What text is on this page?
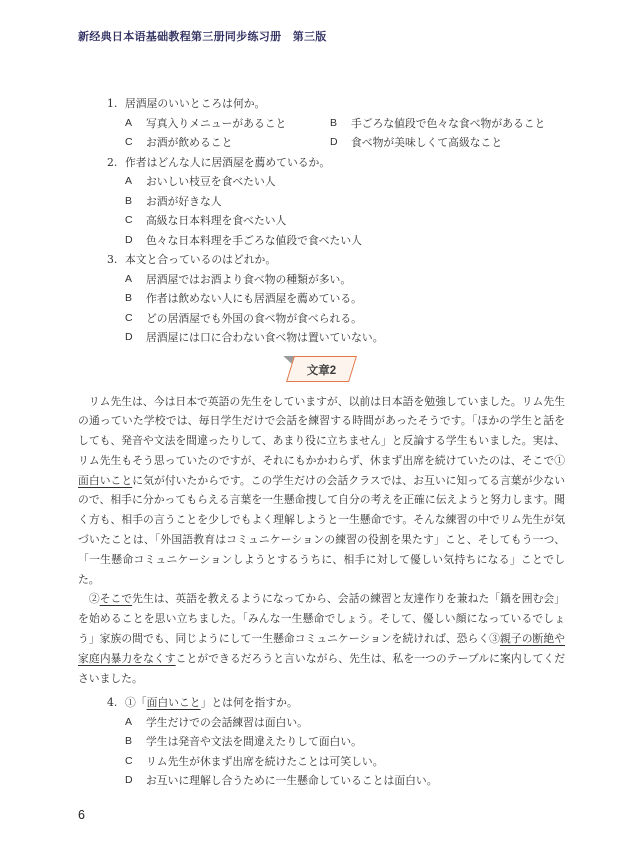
新经典日本语基础教程第三册同步练习册　第三版
1. 居酒屋のいいところは何か。
A	写真入りメニューがあること	B	手ごろな値段で色々な食べ物があること
C	お酒が飲めること	D	食べ物が美味しくて高級なこと
2. 作者はどんな人に居酒屋を薦めているか。
A	おいしい枝豆を食べたい人
B	お酒が好きな人
C	高級な日本料理を食べたい人
D	色々な日本料理を手ごろな値段で食べたい人
3. 本文と合っているのはどれか。
A	居酒屋ではお酒より食べ物の種類が多い。
B	作者は飲めない人にも居酒屋を薦めている。
C	どの居酒屋でも外国の食べ物が食べられる。
D	居酒屋には口に合わない食べ物は置いていない。
文章2

　リム先生は、今は日本で英語の先生をしていますが、以前は日本語を勉強していました。リム先生の通っていた学校では、毎日学生だけで会話を練習する時間があったそうです。「ほかの学生と話をしても、発音や文法を間違ったりして、あまり役に立ちません」と反論する学生もいました。実は、リム先生もそう思っていたのですが、それにもかかわらず、休まず出席を続けていたのは、そこで①面白いことに気が付いたからです。この学生だけの会話クラスでは、お互いに知ってる言葉が少ないので、相手に分かってもらえる言葉を一生懸命捜して自分の考えを正確に伝えようと努力します。聞く方も、相手の言うことを少しでもよく理解しようと一生懸命です。そんな練習の中でリム先生が気づいたことは、「外国語教育はコミュニケーションの練習の役割を果たす」こと、そしてもう一つ、「一生懸命コミュニケーションしようとするうちに、相手に対して優しい気持ちになる」ことでした。

　②そこで先生は、英語を教えるようになってから、会話の練習と友達作りを兼ねた「鍋を囲む会」を始めることを思い立ちました。「みんな一生懸命でしょう。そして、優しい顔になっているでしょう」家族の間でも、同じようにして一生懸命コミュニケーションを続ければ、恐らく③親子の断絶や家庭内暴力をなくすことができるだろうと言いながら、先生は、私を一つのテーブルに案内してくださいました。

4. ①「面白いこと」とは何を指すか。
A	学生だけでの会話練習は面白い。
B	学生は発音や文法を間違えたりして面白い。
C	リム先生が休まず出席を続けたことは可笑しい。
D	お互いに理解し合うために一生懸命していることは面白い。
6
